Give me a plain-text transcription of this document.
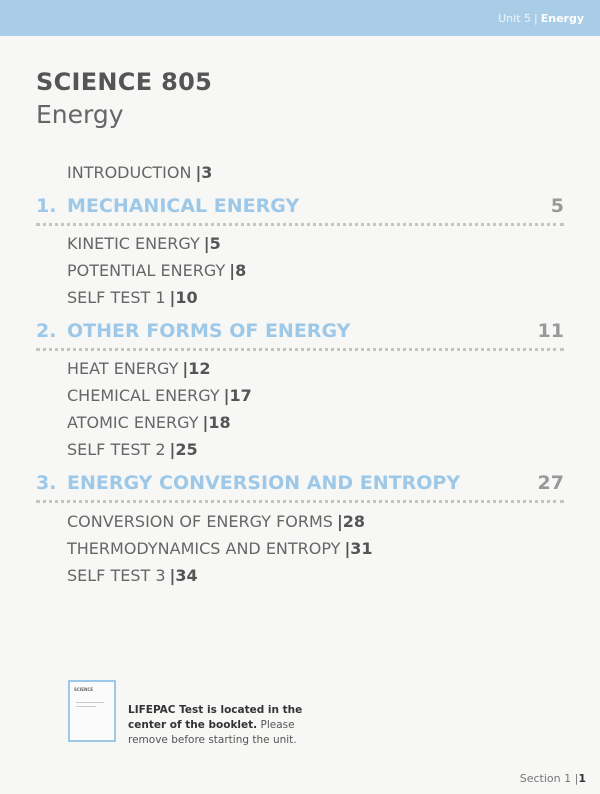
Unit 5 | Energy
SCIENCE 805
Energy
INTRODUCTION |3
1. MECHANICAL ENERGY	5
KINETIC ENERGY |5
POTENTIAL ENERGY |8
SELF TEST 1 |10
2. OTHER FORMS OF ENERGY	11
HEAT ENERGY |12
CHEMICAL ENERGY |17
ATOMIC ENERGY |18
SELF TEST 2 |25
3. ENERGY CONVERSION AND ENTROPY	27
CONVERSION OF ENERGY FORMS |28
THERMODYNAMICS AND ENTROPY |31
SELF TEST 3 |34
SCIENCE
LIFEPAC Test is located in the center of the booklet. Please remove before starting the unit.
Section 1 |1
